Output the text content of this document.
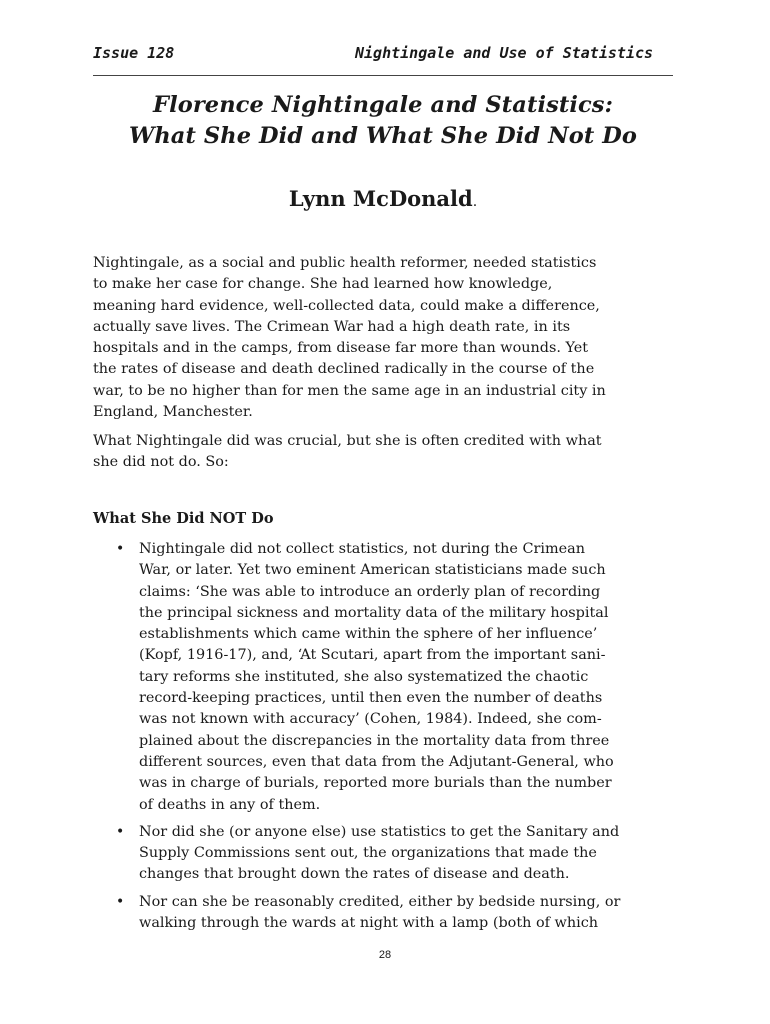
Issue 128	Nightingale and Use of Statistics
Florence Nightingale and Statistics:
What She Did and What She Did Not Do
Lynn McDonald.
Nightingale, as a social and public health reformer, needed statistics
to make her case for change. She had learned how knowledge,
meaning hard evidence, well-collected data, could make a difference,
actually save lives. The Crimean War had a high death rate, in its
hospitals and in the camps, from disease far more than wounds. Yet
the rates of disease and death declined radically in the course of the
war, to be no higher than for men the same age in an industrial city in
England, Manchester.
What Nightingale did was crucial, but she is often credited with what
she did not do. So:
What She Did NOT Do
• Nightingale did not collect statistics, not during the Crimean
War, or later. Yet two eminent American statisticians made such
claims: ‘She was able to introduce an orderly plan of recording
the principal sickness and mortality data of the military hospital
establishments which came within the sphere of her influence’
(Kopf, 1916-17), and, ‘At Scutari, apart from the important sani-
tary reforms she instituted, she also systematized the chaotic
record-keeping practices, until then even the number of deaths
was not known with accuracy’ (Cohen, 1984). Indeed, she com-
plained about the discrepancies in the mortality data from three
different sources, even that data from the Adjutant-General, who
was in charge of burials, reported more burials than the number
of deaths in any of them.
• Nor did she (or anyone else) use statistics to get the Sanitary and
Supply Commissions sent out, the organizations that made the
changes that brought down the rates of disease and death.
• Nor can she be reasonably credited, either by bedside nursing, or
walking through the wards at night with a lamp (both of which
28
